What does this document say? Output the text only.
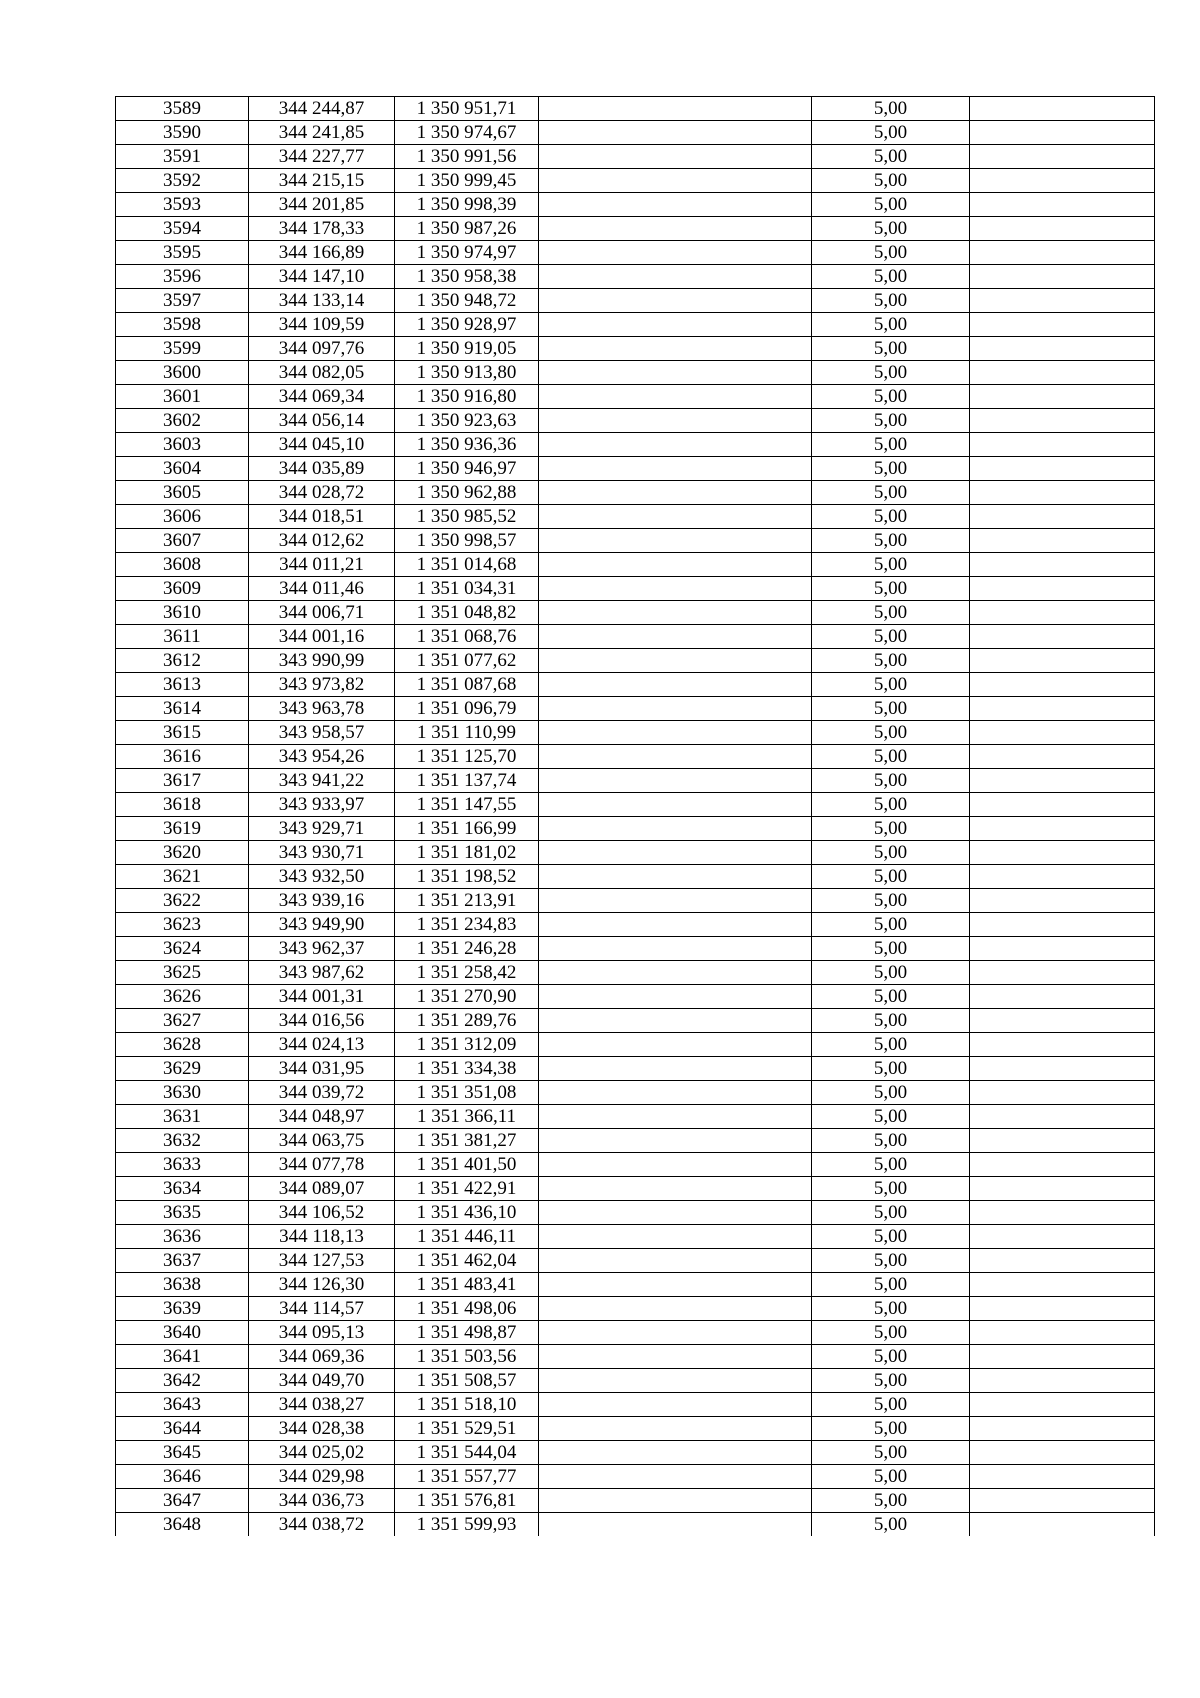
3589	344 244,87	1 350 951,71		5,00	
3590	344 241,85	1 350 974,67		5,00	
3591	344 227,77	1 350 991,56		5,00	
3592	344 215,15	1 350 999,45		5,00	
3593	344 201,85	1 350 998,39		5,00	
3594	344 178,33	1 350 987,26		5,00	
3595	344 166,89	1 350 974,97		5,00	
3596	344 147,10	1 350 958,38		5,00	
3597	344 133,14	1 350 948,72		5,00	
3598	344 109,59	1 350 928,97		5,00	
3599	344 097,76	1 350 919,05		5,00	
3600	344 082,05	1 350 913,80		5,00	
3601	344 069,34	1 350 916,80		5,00	
3602	344 056,14	1 350 923,63		5,00	
3603	344 045,10	1 350 936,36		5,00	
3604	344 035,89	1 350 946,97		5,00	
3605	344 028,72	1 350 962,88		5,00	
3606	344 018,51	1 350 985,52		5,00	
3607	344 012,62	1 350 998,57		5,00	
3608	344 011,21	1 351 014,68		5,00	
3609	344 011,46	1 351 034,31		5,00	
3610	344 006,71	1 351 048,82		5,00	
3611	344 001,16	1 351 068,76		5,00	
3612	343 990,99	1 351 077,62		5,00	
3613	343 973,82	1 351 087,68		5,00	
3614	343 963,78	1 351 096,79		5,00	
3615	343 958,57	1 351 110,99		5,00	
3616	343 954,26	1 351 125,70		5,00	
3617	343 941,22	1 351 137,74		5,00	
3618	343 933,97	1 351 147,55		5,00	
3619	343 929,71	1 351 166,99		5,00	
3620	343 930,71	1 351 181,02		5,00	
3621	343 932,50	1 351 198,52		5,00	
3622	343 939,16	1 351 213,91		5,00	
3623	343 949,90	1 351 234,83		5,00	
3624	343 962,37	1 351 246,28		5,00	
3625	343 987,62	1 351 258,42		5,00	
3626	344 001,31	1 351 270,90		5,00	
3627	344 016,56	1 351 289,76		5,00	
3628	344 024,13	1 351 312,09		5,00	
3629	344 031,95	1 351 334,38		5,00	
3630	344 039,72	1 351 351,08		5,00	
3631	344 048,97	1 351 366,11		5,00	
3632	344 063,75	1 351 381,27		5,00	
3633	344 077,78	1 351 401,50		5,00	
3634	344 089,07	1 351 422,91		5,00	
3635	344 106,52	1 351 436,10		5,00	
3636	344 118,13	1 351 446,11		5,00	
3637	344 127,53	1 351 462,04		5,00	
3638	344 126,30	1 351 483,41		5,00	
3639	344 114,57	1 351 498,06		5,00	
3640	344 095,13	1 351 498,87		5,00	
3641	344 069,36	1 351 503,56		5,00	
3642	344 049,70	1 351 508,57		5,00	
3643	344 038,27	1 351 518,10		5,00	
3644	344 028,38	1 351 529,51		5,00	
3645	344 025,02	1 351 544,04		5,00	
3646	344 029,98	1 351 557,77		5,00	
3647	344 036,73	1 351 576,81		5,00	
3648	344 038,72	1 351 599,93		5,00	
